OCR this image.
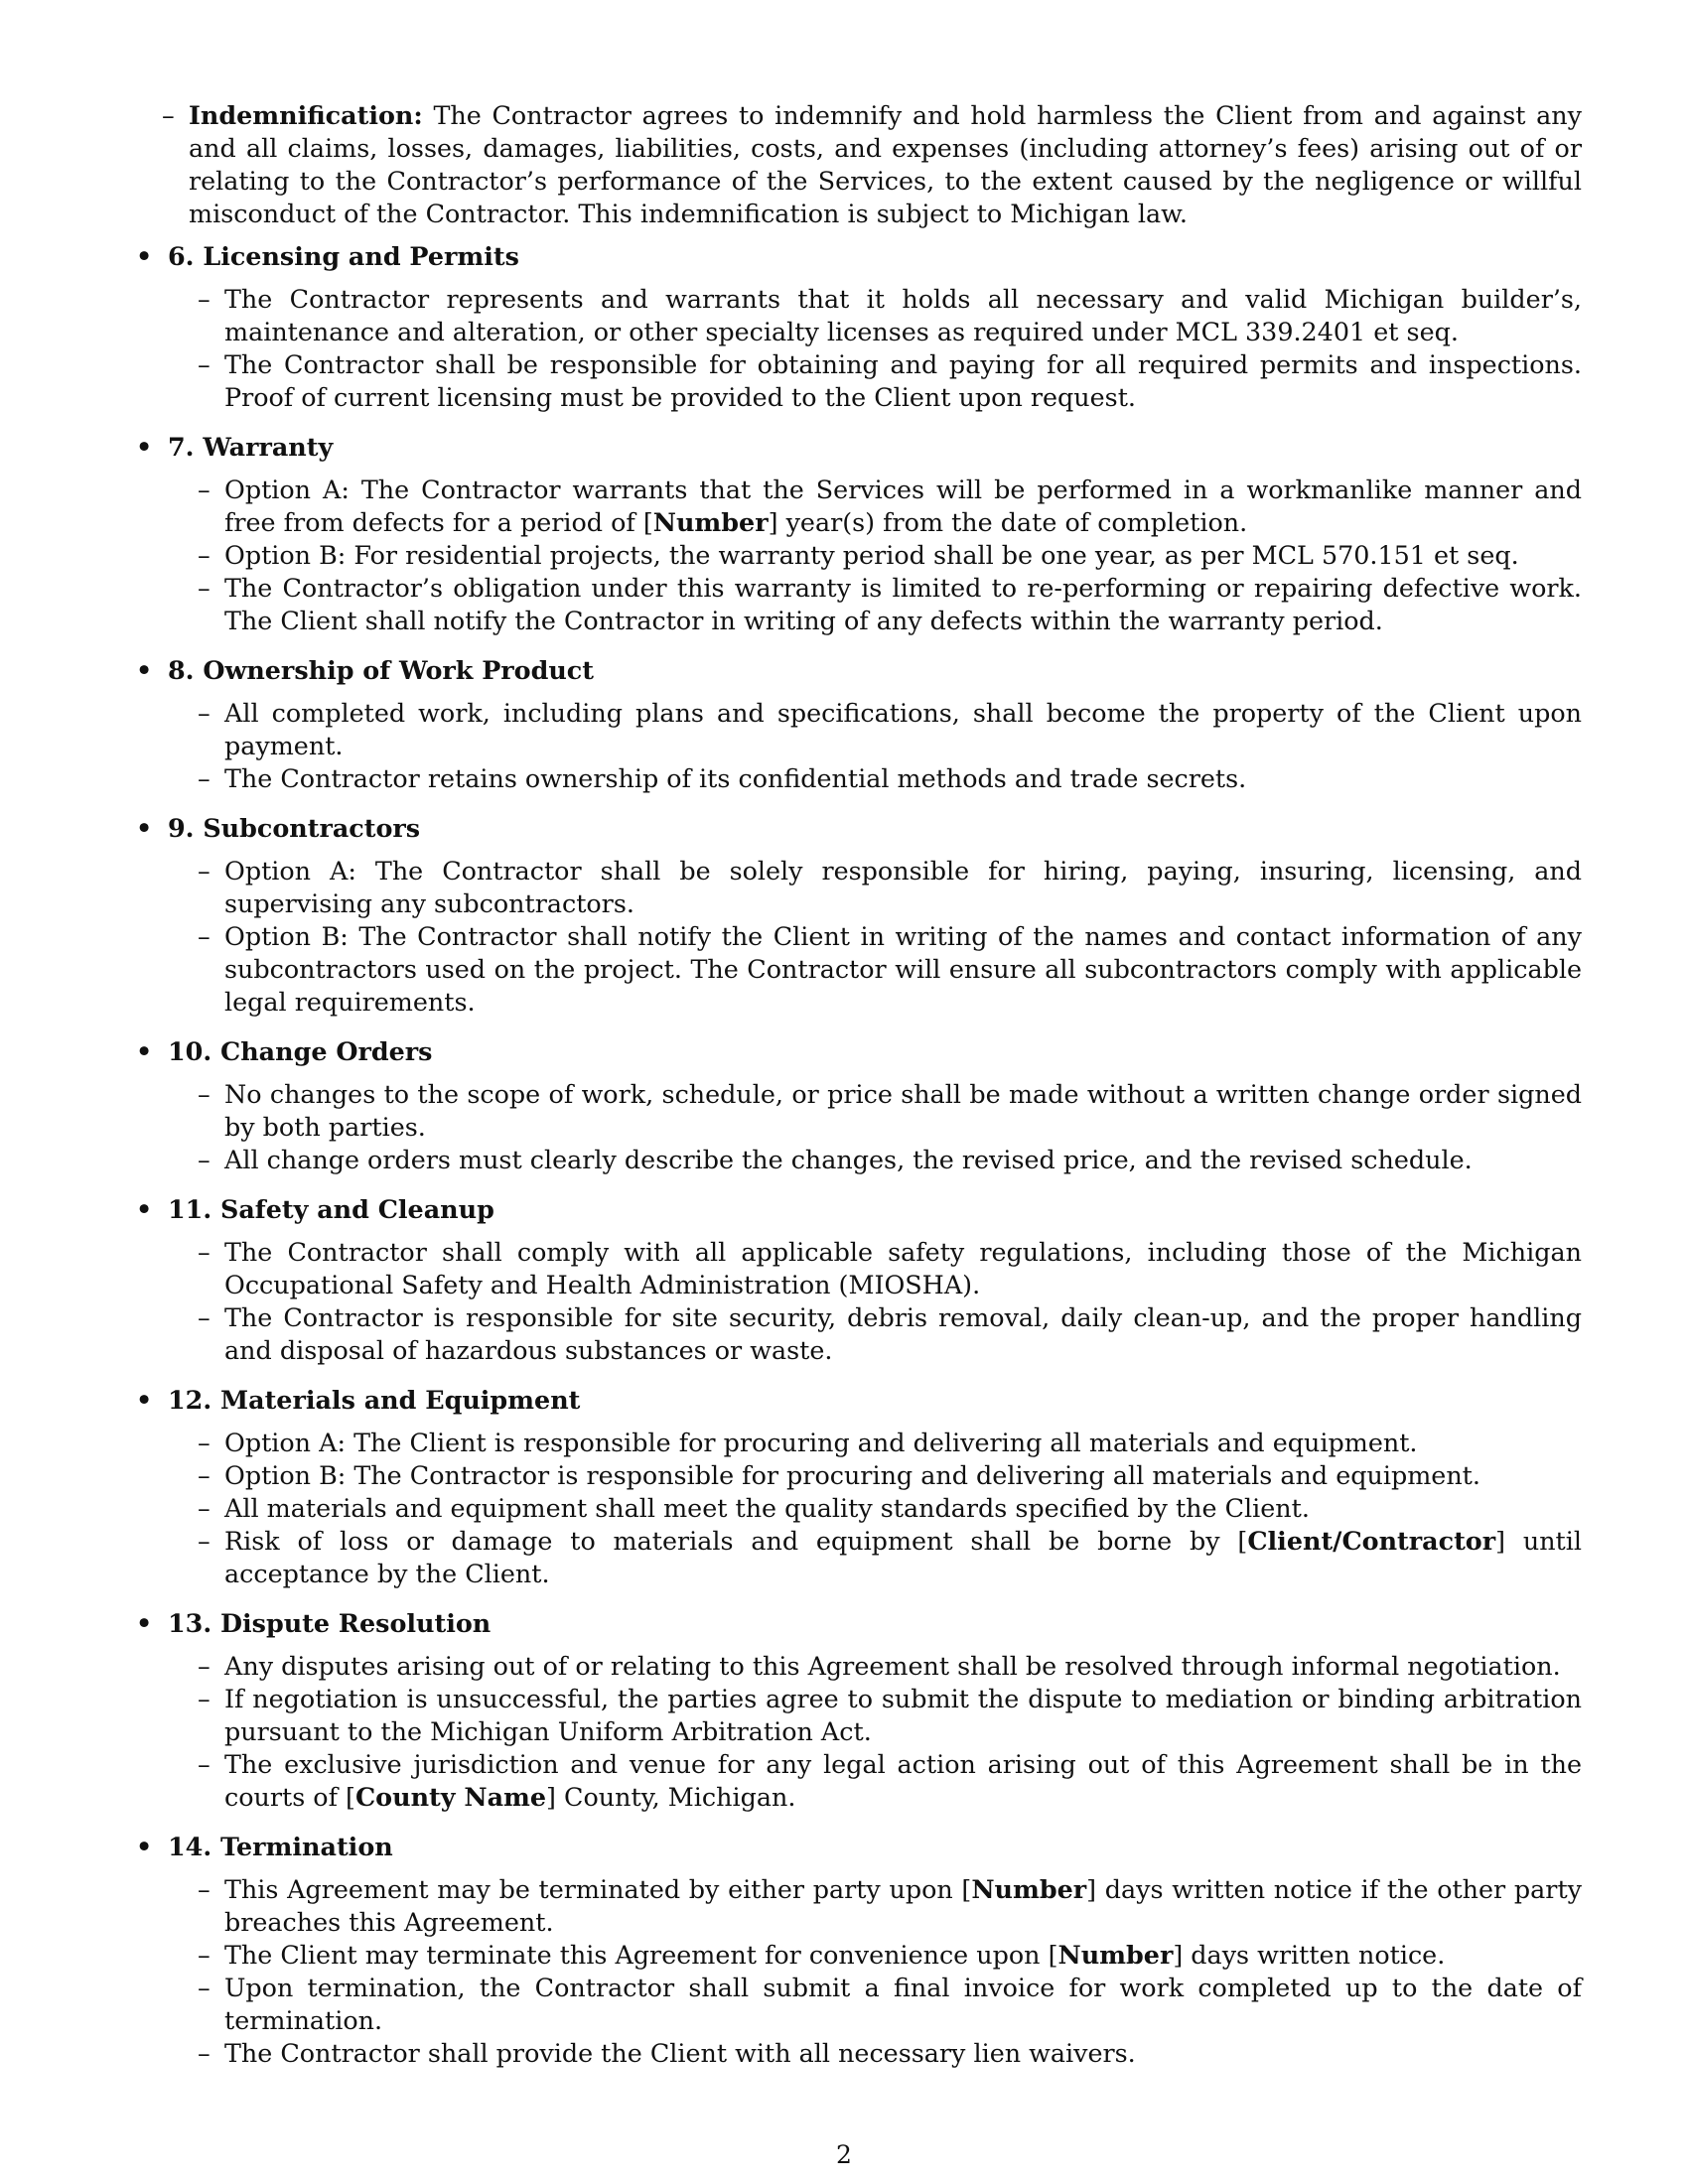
– Indemnification: The Contractor agrees to indemnify and hold harmless the Client from and against any and all claims, losses, damages, liabilities, costs, and expenses (including attorney’s fees) arising out of or relating to the Contractor’s performance of the Services, to the extent caused by the negligence or willful misconduct of the Contractor. This indemnification is subject to Michigan law.
• 6. Licensing and Permits
– The Contractor represents and warrants that it holds all necessary and valid Michigan builder’s, maintenance and alteration, or other specialty licenses as required under MCL 339.2401 et seq.
– The Contractor shall be responsible for obtaining and paying for all required permits and inspections. Proof of current licensing must be provided to the Client upon request.
• 7. Warranty
– Option A: The Contractor warrants that the Services will be performed in a workmanlike manner and free from defects for a period of [Number] year(s) from the date of completion.
– Option B: For residential projects, the warranty period shall be one year, as per MCL 570.151 et seq.
– The Contractor’s obligation under this warranty is limited to re-performing or repairing defective work. The Client shall notify the Contractor in writing of any defects within the warranty period.
• 8. Ownership of Work Product
– All completed work, including plans and specifications, shall become the property of the Client upon payment.
– The Contractor retains ownership of its confidential methods and trade secrets.
• 9. Subcontractors
– Option A: The Contractor shall be solely responsible for hiring, paying, insuring, licensing, and supervising any subcontractors.
– Option B: The Contractor shall notify the Client in writing of the names and contact information of any subcontractors used on the project. The Contractor will ensure all subcontractors comply with applicable legal requirements.
• 10. Change Orders
– No changes to the scope of work, schedule, or price shall be made without a written change order signed by both parties.
– All change orders must clearly describe the changes, the revised price, and the revised schedule.
• 11. Safety and Cleanup
– The Contractor shall comply with all applicable safety regulations, including those of the Michigan Occupational Safety and Health Administration (MIOSHA).
– The Contractor is responsible for site security, debris removal, daily clean-up, and the proper handling and disposal of hazardous substances or waste.
• 12. Materials and Equipment
– Option A: The Client is responsible for procuring and delivering all materials and equipment.
– Option B: The Contractor is responsible for procuring and delivering all materials and equipment.
– All materials and equipment shall meet the quality standards specified by the Client.
– Risk of loss or damage to materials and equipment shall be borne by [Client/Contractor] until acceptance by the Client.
• 13. Dispute Resolution
– Any disputes arising out of or relating to this Agreement shall be resolved through informal negotiation.
– If negotiation is unsuccessful, the parties agree to submit the dispute to mediation or binding arbitration pursuant to the Michigan Uniform Arbitration Act.
– The exclusive jurisdiction and venue for any legal action arising out of this Agreement shall be in the courts of [County Name] County, Michigan.
• 14. Termination
– This Agreement may be terminated by either party upon [Number] days written notice if the other party breaches this Agreement.
– The Client may terminate this Agreement for convenience upon [Number] days written notice.
– Upon termination, the Contractor shall submit a final invoice for work completed up to the date of termination.
– The Contractor shall provide the Client with all necessary lien waivers.
2
